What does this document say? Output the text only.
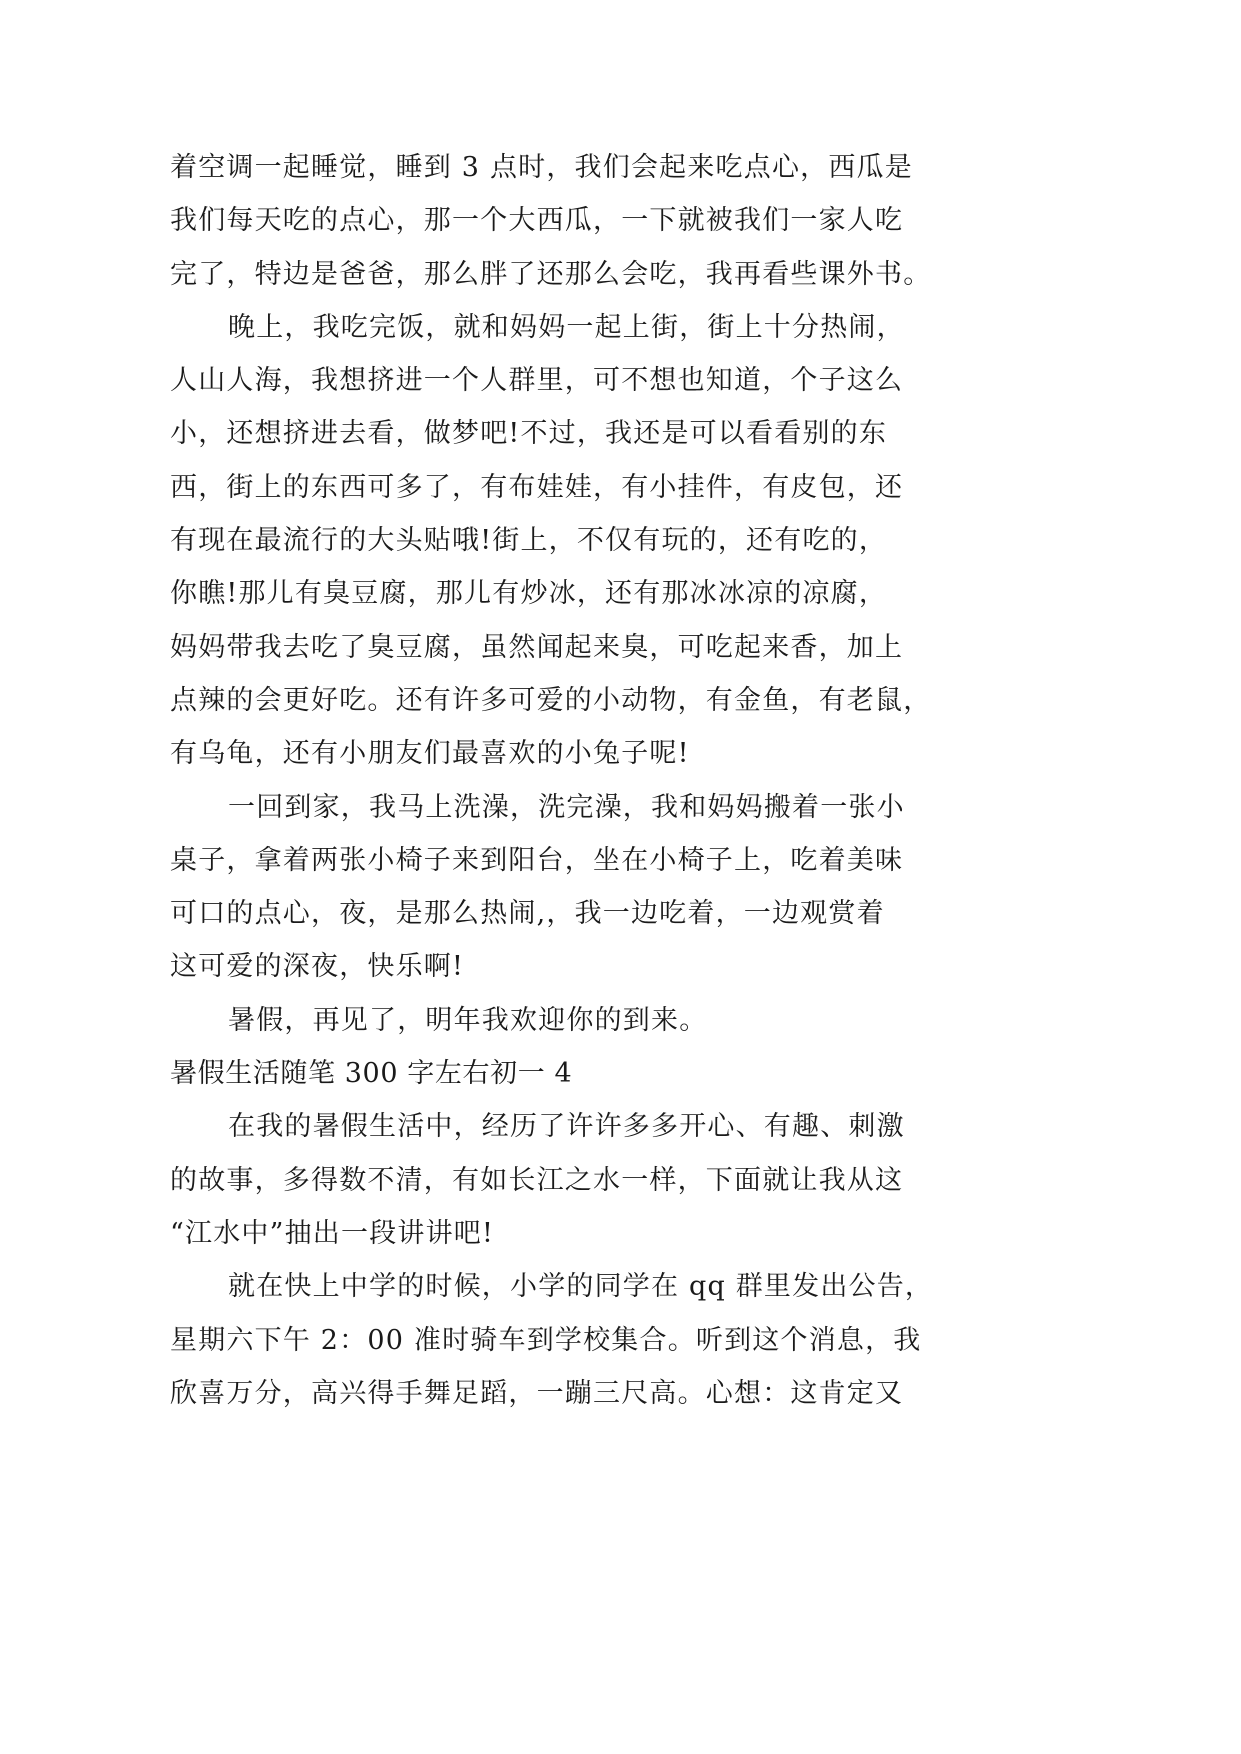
着空调一起睡觉，睡到 3 点时，我们会起来吃点心，西瓜是
我们每天吃的点心，那一个大西瓜，一下就被我们一家人吃
完了，特边是爸爸，那么胖了还那么会吃，我再看些课外书。
晚上，我吃完饭，就和妈妈一起上街，街上十分热闹，
人山人海，我想挤进一个人群里，可不想也知道，个子这么
小，还想挤进去看，做梦吧!不过，我还是可以看看别的东
西，街上的东西可多了，有布娃娃，有小挂件，有皮包，还
有现在最流行的大头贴哦!街上，不仅有玩的，还有吃的，
你瞧!那儿有臭豆腐，那儿有炒冰，还有那冰冰凉的凉腐，
妈妈带我去吃了臭豆腐，虽然闻起来臭，可吃起来香，加上
点辣的会更好吃。还有许多可爱的小动物，有金鱼，有老鼠，
有乌龟，还有小朋友们最喜欢的小兔子呢!
一回到家，我马上洗澡，洗完澡，我和妈妈搬着一张小
桌子，拿着两张小椅子来到阳台，坐在小椅子上，吃着美味
可口的点心，夜，是那么热闹,，我一边吃着，一边观赏着
这可爱的深夜，快乐啊!
暑假，再见了，明年我欢迎你的到来。
暑假生活随笔 300 字左右初一 4
在我的暑假生活中，经历了许许多多开心、有趣、刺激
的故事，多得数不清，有如长江之水一样，下面就让我从这
“江水中”抽出一段讲讲吧!
就在快上中学的时候，小学的同学在 qq 群里发出公告，
星期六下午 2：00 准时骑车到学校集合。听到这个消息，我
欣喜万分，高兴得手舞足蹈，一蹦三尺高。心想：这肯定又
